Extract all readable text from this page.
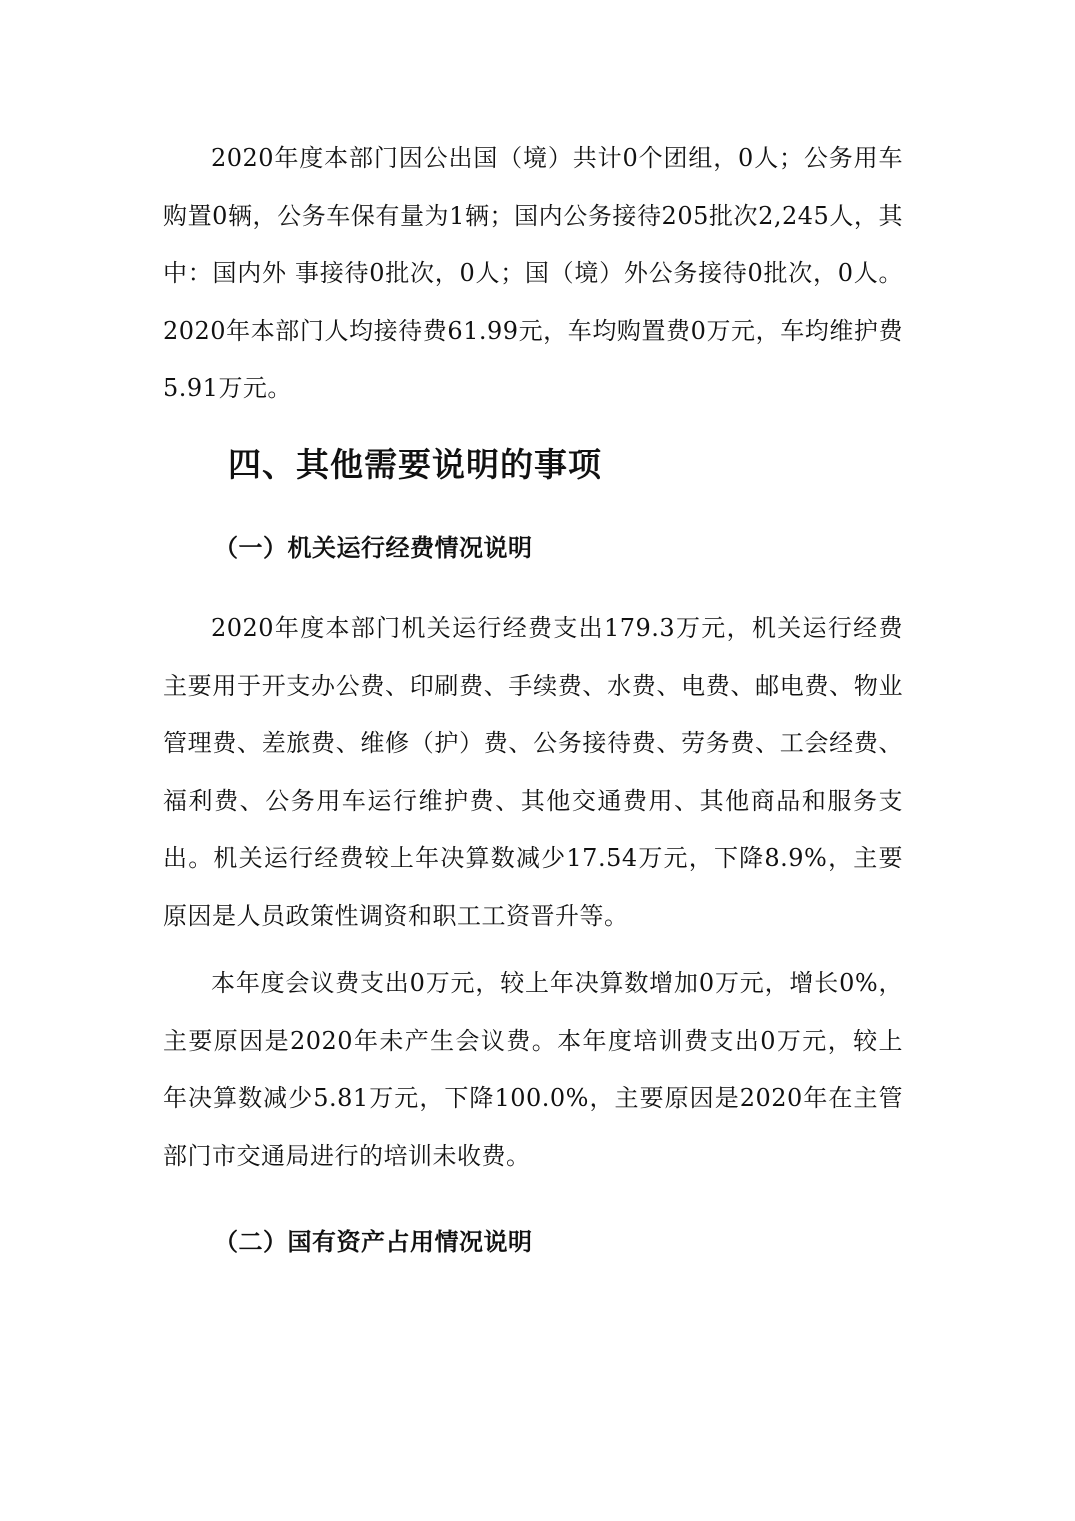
2020年度本部门因公出国（境）共计0个团组，0人；公务用车购置0辆，公务车保有量为1辆；国内公务接待205批次2,245人，其中：国内外 事接待0批次，0人；国（境）外公务接待0批次，0人。2020年本部门人均接待费61.99元，车均购置费0万元，车均维护费5.91万元。

四、其他需要说明的事项
（一）机关运行经费情况说明

2020年度本部门机关运行经费支出179.3万元，机关运行经费主要用于开支办公费、印刷费、手续费、水费、电费、邮电费、物业管理费、差旅费、维修（护）费、公务接待费、劳务费、工会经费、福利费、公务用车运行维护费、其他交通费用、其他商品和服务支出。机关运行经费较上年决算数减少17.54万元，下降8.9%，主要原因是人员政策性调资和职工工资晋升等。

本年度会议费支出0万元，较上年决算数增加0万元，增长0%，主要原因是2020年未产生会议费。本年度培训费支出0万元，较上年决算数减少5.81万元，下降100.0%，主要原因是2020年在主管部门市交通局进行的培训未收费。

（二）国有资产占用情况说明
